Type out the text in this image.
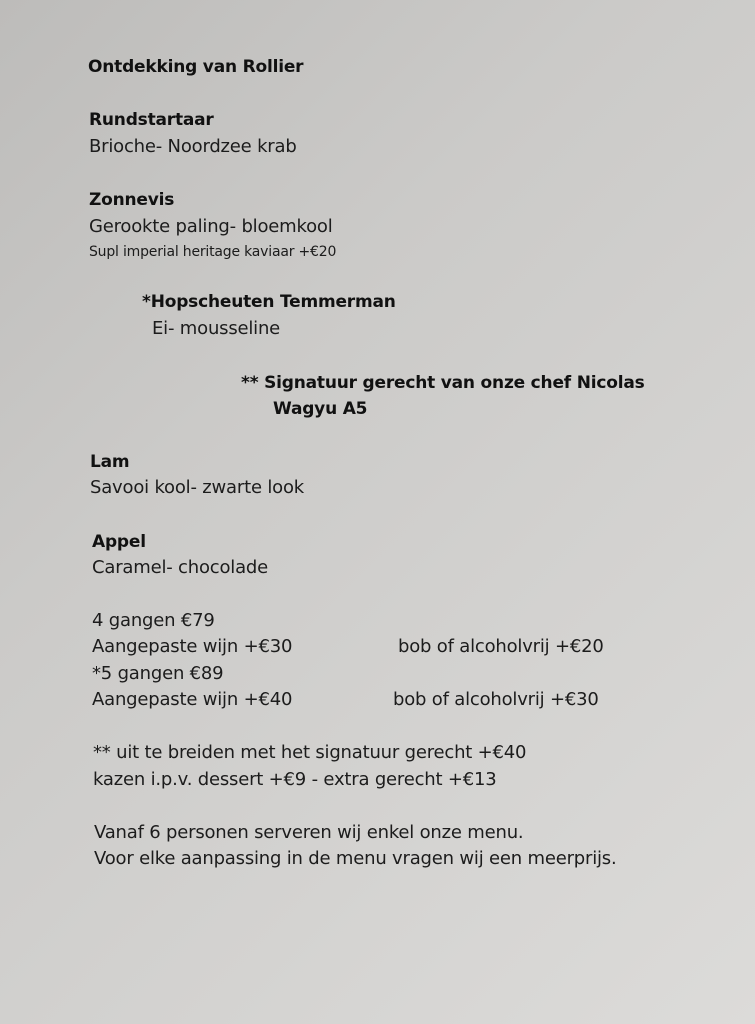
Ontdekking van Rollier
Rundstartaar
Brioche- Noordzee krab
Zonnevis
Gerookte paling- bloemkool
Supl imperial heritage kaviaar +€20
*Hopscheuten Temmerman
Ei- mousseline
** Signatuur gerecht van onze chef Nicolas
Wagyu A5
Lam
Savooi kool- zwarte look
Appel
Caramel- chocolade
4 gangen €79
Aangepaste wijn +€30	bob of alcoholvrij +€20
*5 gangen €89
Aangepaste wijn +€40	bob of alcoholvrij +€30
** uit te breiden met het signatuur gerecht +€40
kazen i.p.v. dessert +€9 - extra gerecht +€13
Vanaf 6 personen serveren wij enkel onze menu.
Voor elke aanpassing in de menu vragen wij een meerprijs.
